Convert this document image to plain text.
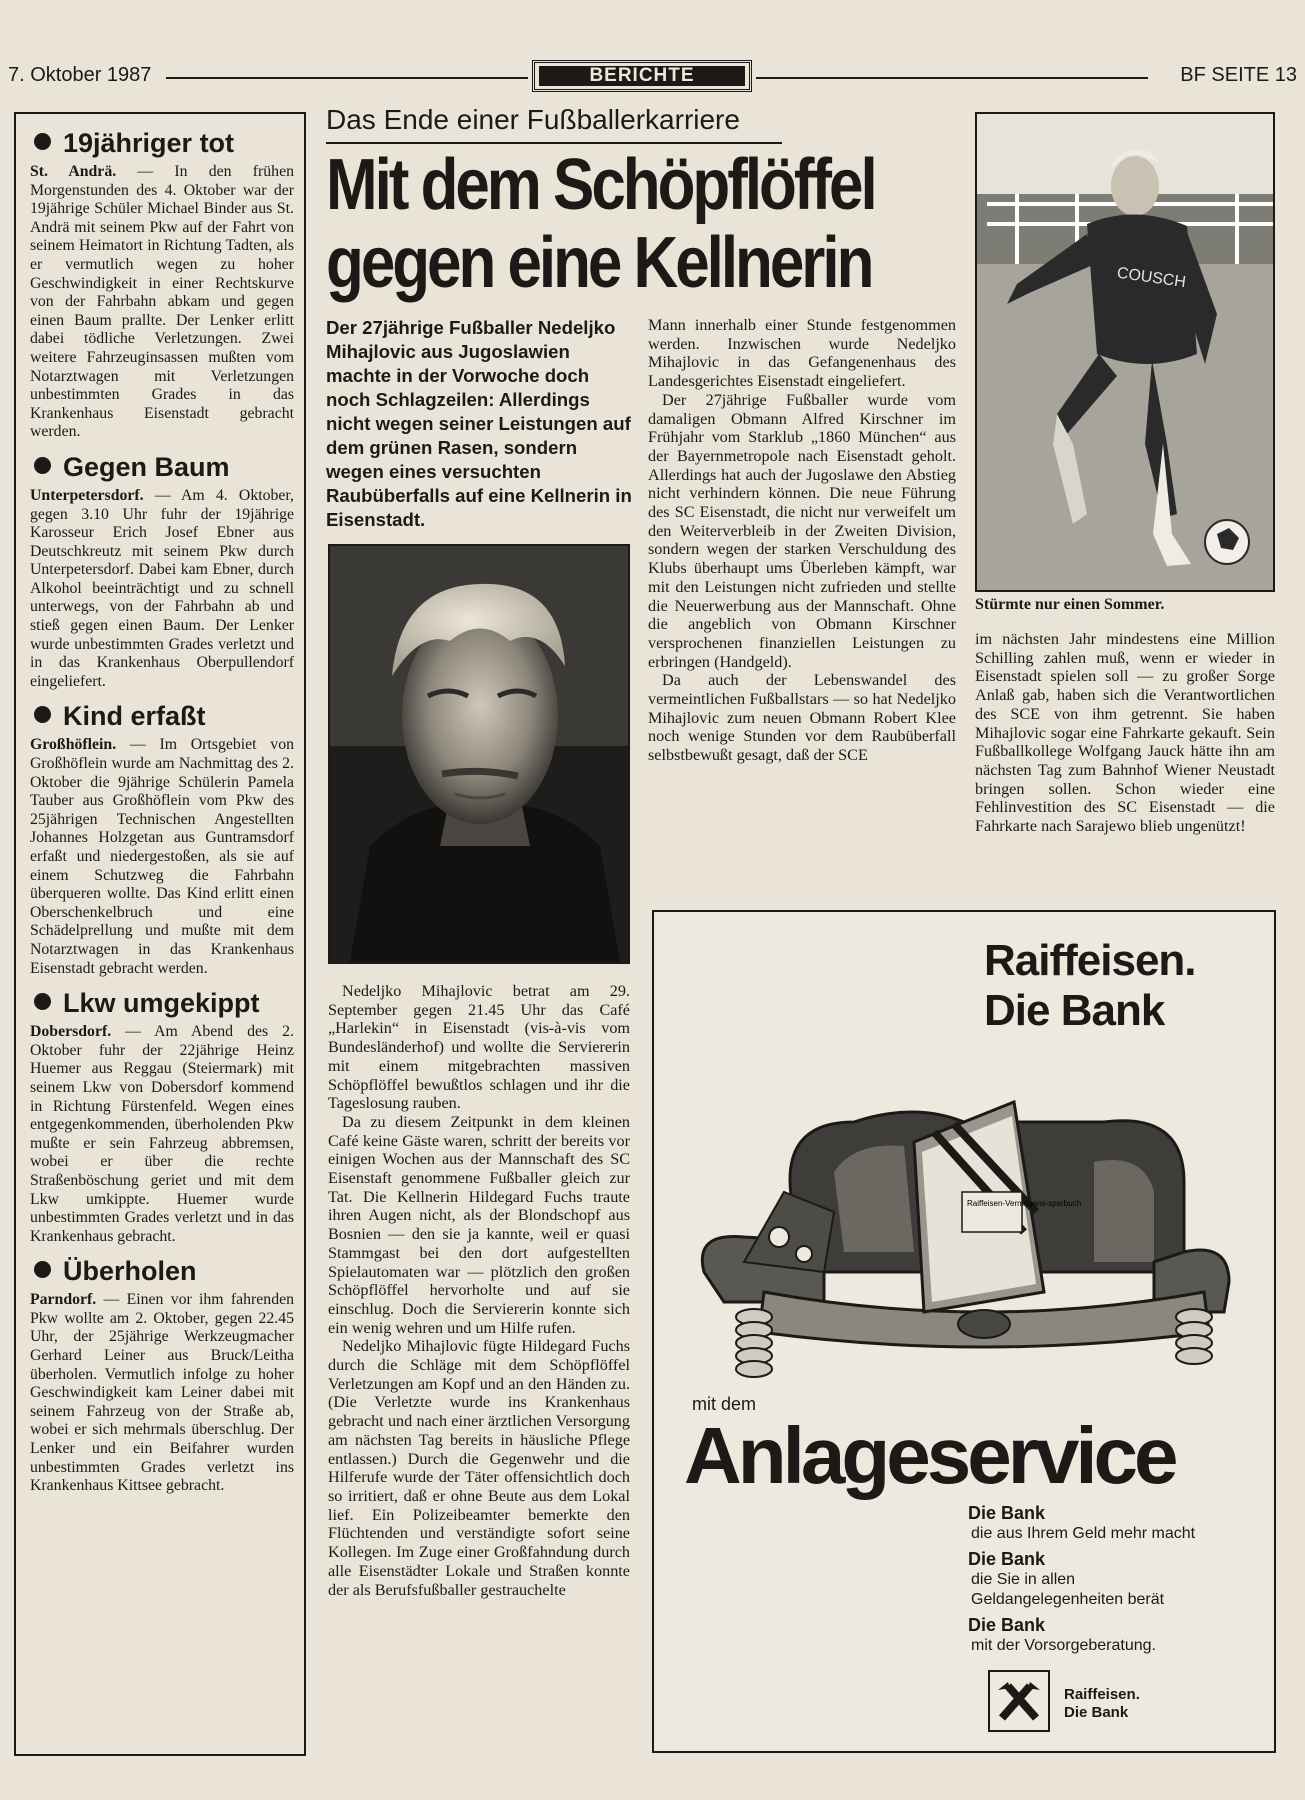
7. Oktober 1987	BERICHTE	BF SEITE 13
19jähriger tot

St. Andrä. — In den frühen Morgenstunden des 4. Oktober war der 19jährige Schüler Michael Binder aus St. Andrä mit seinem Pkw auf der Fahrt von seinem Heimatort in Richtung Tadten, als er vermutlich wegen zu hoher Geschwindigkeit in einer Rechtskurve von der Fahrbahn abkam und gegen einen Baum prallte. Der Lenker erlitt dabei tödliche Verletzungen. Zwei weitere Fahrzeuginsassen mußten vom Notarztwagen mit Verletzungen unbestimmten Grades in das Krankenhaus Eisenstadt gebracht werden.

Gegen Baum

Unterpetersdorf. — Am 4. Oktober, gegen 3.10 Uhr fuhr der 19jährige Karosseur Erich Josef Ebner aus Deutschkreutz mit seinem Pkw durch Unterpetersdorf. Dabei kam Ebner, durch Alkohol beeinträchtigt und zu schnell unterwegs, von der Fahrbahn ab und stieß gegen einen Baum. Der Lenker wurde unbestimmten Grades verletzt und in das Krankenhaus Oberpullendorf eingeliefert.

Kind erfaßt

Großhöflein. — Im Ortsgebiet von Großhöflein wurde am Nachmittag des 2. Oktober die 9jährige Schülerin Pamela Tauber aus Großhöflein vom Pkw des 25jährigen Technischen Angestellten Johannes Holzgetan aus Guntramsdorf erfaßt und niedergestoßen, als sie auf einem Schutzweg die Fahrbahn überqueren wollte. Das Kind erlitt einen Oberschenkelbruch und eine Schädelprellung und mußte mit dem Notarztwagen in das Krankenhaus Eisenstadt gebracht werden.

Lkw umgekippt

Dobersdorf. — Am Abend des 2. Oktober fuhr der 22jährige Heinz Huemer aus Reggau (Steiermark) mit seinem Lkw von Dobersdorf kommend in Richtung Fürstenfeld. Wegen eines entgegenkommenden, überholenden Pkw mußte er sein Fahrzeug abbremsen, wobei er über die rechte Straßenböschung geriet und mit dem Lkw umkippte. Huemer wurde unbestimmten Grades verletzt und in das Krankenhaus gebracht.

Überholen

Parndorf. — Einen vor ihm fahrenden Pkw wollte am 2. Oktober, gegen 22.45 Uhr, der 25jährige Werkzeugmacher Gerhard Leiner aus Bruck/Leitha überholen. Vermutlich infolge zu hoher Geschwindigkeit kam Leiner dabei mit seinem Fahrzeug von der Straße ab, wobei er sich mehrmals überschlug. Der Lenker und ein Beifahrer wurden unbestimmten Grades verletzt ins Krankenhaus Kittsee gebracht.

Das Ende einer Fußballerkarriere
Mit dem Schöpflöffel
gegen eine Kellnerin
Der 27jährige Fußballer Nedeljko Mihajlovic aus Jugoslawien machte in der Vorwoche doch noch Schlagzeilen: Allerdings nicht wegen seiner Leistungen auf dem grünen Rasen, sondern wegen eines versuchten Raubüberfalls auf eine Kellnerin in Eisenstadt.

Nedeljko Mihajlovic betrat am 29. September gegen 21.45 Uhr das Café „Harlekin“ in Eisenstadt (vis-à-vis vom Bundesländerhof) und wollte die Serviererin mit einem mitgebrachten massiven Schöpflöffel bewußtlos schlagen und ihr die Tageslosung rauben.

Da zu diesem Zeitpunkt in dem kleinen Café keine Gäste waren, schritt der bereits vor einigen Wochen aus der Mannschaft des SC Eisenstaft genommene Fußballer gleich zur Tat. Die Kellnerin Hildegard Fuchs traute ihren Augen nicht, als der Blondschopf aus Bosnien — den sie ja kannte, weil er quasi Stammgast bei den dort aufgestellten Spielautomaten war — plötzlich den großen Schöpflöffel hervorholte und auf sie einschlug. Doch die Serviererin konnte sich ein wenig wehren und um Hilfe rufen.

Nedeljko Mihajlovic fügte Hildegard Fuchs durch die Schläge mit dem Schöpflöffel Verletzungen am Kopf und an den Händen zu. (Die Verletzte wurde ins Krankenhaus gebracht und nach einer ärztlichen Versorgung am nächsten Tag bereits in häusliche Pflege entlassen.) Durch die Gegenwehr und die Hilferufe wurde der Täter offensichtlich doch so irritiert, daß er ohne Beute aus dem Lokal lief. Ein Polizeibeamter bemerkte den Flüchtenden und verständigte sofort seine Kollegen. Im Zuge einer Großfahndung durch alle Eisenstädter Lokale und Straßen konnte der als Berufsfußballer gestrauchelte

Mann innerhalb einer Stunde festgenommen werden. Inzwischen wurde Nedeljko Mihajlovic in das Gefangenenhaus des Landesgerichtes Eisenstadt eingeliefert.

Der 27jährige Fußballer wurde vom damaligen Obmann Alfred Kirschner im Frühjahr vom Starklub „1860 München“ aus der Bayernmetropole nach Eisenstadt geholt. Allerdings hat auch der Jugoslawe den Abstieg nicht verhindern können. Die neue Führung des SC Eisenstadt, die nicht nur verweifelt um den Weiterverbleib in der Zweiten Division, sondern wegen der starken Verschuldung des Klubs überhaupt ums Überleben kämpft, war mit den Leistungen nicht zufrieden und stellte die Neuerwerbung aus der Mannschaft. Ohne die angeblich von Obmann Kirschner versprochenen finanziellen Leistungen zu erbringen (Handgeld).

Da auch der Lebenswandel des vermeintlichen Fußballstars — so hat Nedeljko Mihajlovic zum neuen Obmann Robert Klee noch wenige Stunden vor dem Raubüberfall selbstbewußt gesagt, daß der SCE

COUSCH
Stürmte nur einen Sommer.

im nächsten Jahr mindestens eine Million Schilling zahlen muß, wenn er wieder in Eisenstadt spielen soll — zu großer Sorge Anlaß gab, haben sich die Verantwortlichen des SCE von ihm getrennt. Sie haben Mihajlovic sogar eine Fahrkarte gekauft. Sein Fußballkollege Wolfgang Jauck hätte ihn am nächsten Tag zum Bahnhof Wiener Neustadt bringen sollen. Schon wieder eine Fehlinvestition des SC Eisenstadt — die Fahrkarte nach Sarajewo blieb ungenützt!

Raiffeisen.
Die Bank
Raiffeisen-Vermögens-sparbuch
mit dem
Anlageservice
Die Bank
die aus Ihrem Geld mehr macht
Die Bank
die Sie in allen
Geldangelegenheiten berät
Die Bank
mit der Vorsorgeberatung.
Raiffeisen.
Die Bank
